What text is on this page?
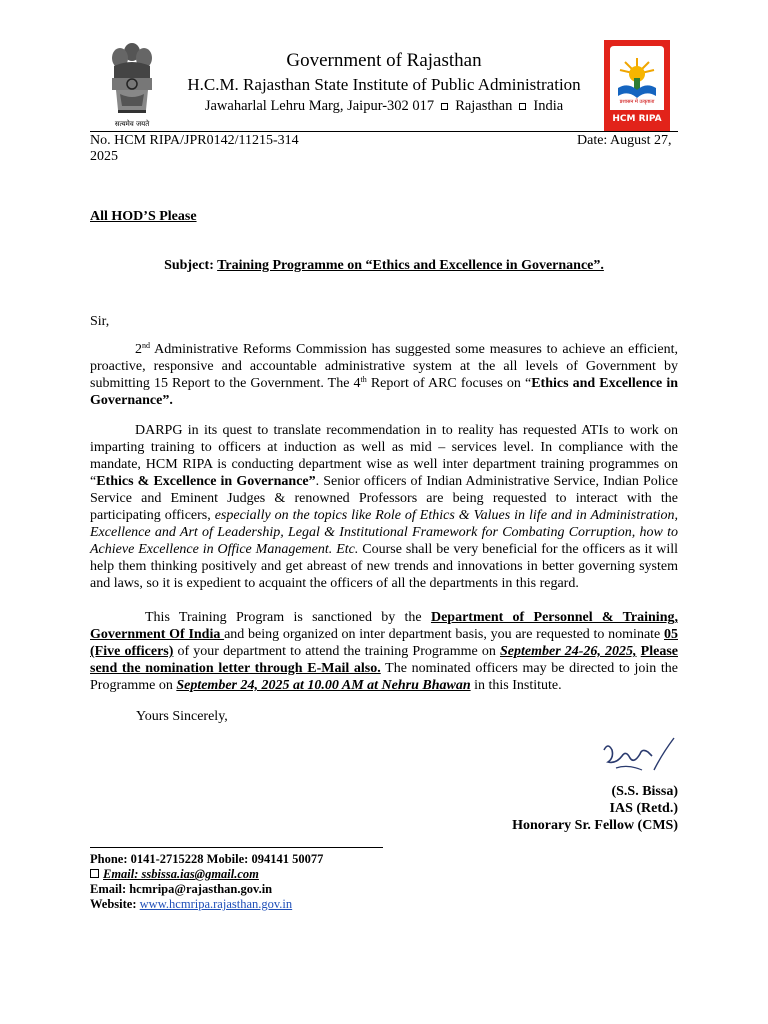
सत्यमेव जयते
प्रशासन में उत्कृष्टता
HCM RIPA
Government of Rajasthan
H.C.M. Rajasthan State Institute of Public Administration
Jawaharlal Lehru Marg, Jaipur-302 017 Rajasthan India
No. HCM RIPA/JPR0142/11215-314 2025
Date: August 27,
All HOD’S Please
Subject: Training Programme on “Ethics and Excellence in Governance”.
Sir,
2nd Administrative Reforms Commission has suggested some measures to achieve an efficient, proactive, responsive and accountable administrative system at the all levels of Government by submitting 15 Report to the Government. The 4th Report of ARC focuses on “Ethics and Excellence in Governance”.
DARPG in its quest to translate recommendation in to reality has requested ATIs to work on imparting training to officers at induction as well as mid – services level. In compliance with the mandate, HCM RIPA is conducting department wise as well inter department training programmes on “Ethics & Excellence in Governance”. Senior officers of Indian Administrative Service, Indian Police Service and Eminent Judges & renowned Professors are being requested to interact with the participating officers, especially on the topics like Role of Ethics & Values in life and in Administration, Excellence and Art of Leadership, Legal & Institutional Framework for Combating Corruption, how to Achieve Excellence in Office Management. Etc. Course shall be very beneficial for the officers as it will help them thinking positively and get abreast of new trends and innovations in better governing system and laws, so it is expedient to acquaint the officers of all the departments in this regard.
This Training Program is sanctioned by the Department of Personnel & Training, Government Of India and being organized on inter department basis, you are requested to nominate 05 (Five officers) of your department to attend the training Programme on September 24-26, 2025, Please send the nomination letter through E-Mail also. The nominated officers may be directed to join the Programme on September 24, 2025 at 10.00 AM at Nehru Bhawan in this Institute.
Yours Sincerely,
(S.S. Bissa)
IAS (Retd.)
Honorary Sr. Fellow (CMS)
Phone: 0141-2715228 Mobile: 094141 50077
Email: ssbissa.ias@gmail.com
Email: hcmripa@rajasthan.gov.in
Website: www.hcmripa.rajasthan.gov.in
